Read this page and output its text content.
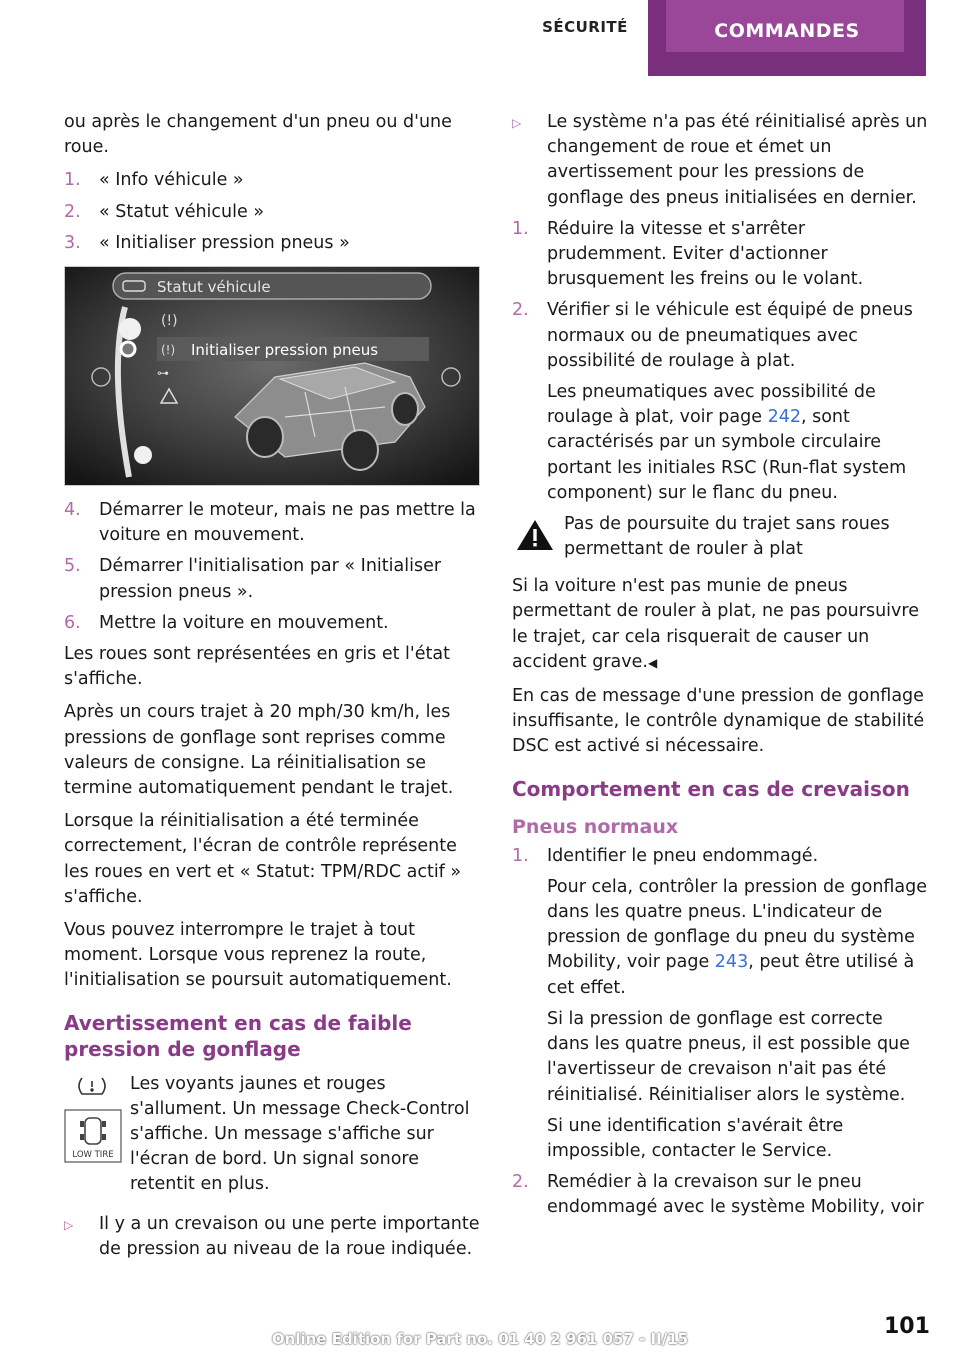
SÉCURITÉ	COMMANDES

ou après le changement d'un pneu ou d'une roue.

1.	« Info véhicule »
2.	« Statut véhicule »
3.	« Initialiser pression pneus »
Statut véhicule
Initialiser pression pneus
(!)
(!)
⊶
4.	Démarrer le moteur, mais ne pas mettre la voiture en mouvement.
5.	Démarrer l'initialisation par « Initialiser pression pneus ».
6.	Mettre la voiture en mouvement.

Les roues sont représentées en gris et l'état s'affiche.

Après un cours trajet à 20 mph/30 km/h, les pressions de gonflage sont reprises comme valeurs de consigne. La réinitialisation se termine automatiquement pendant le trajet.

Lorsque la réinitialisation a été terminée correctement, l'écran de contrôle représente les roues en vert et « Statut: TPM/RDC actif » s'affiche.

Vous pouvez interrompre le trajet à tout moment. Lorsque vous reprenez la route, l'initialisation se poursuit automatiquement.

Avertissement en cas de faible pression de gonflage
LOW TIRE
Les voyants jaunes et rouges s'allument. Un message Check-Control s'affiche. Un message s'affiche sur l'écran de bord. Un signal sonore retentit en plus.
▷	Il y a un crevaison ou une perte importante de pression au niveau de la roue indiquée.
▷	Le système n'a pas été réinitialisé après un changement de roue et émet un avertissement pour les pressions de gonflage des pneus initialisées en dernier.
1.	Réduire la vitesse et s'arrêter prudemment. Eviter d'actionner brusquement les freins ou le volant.
2.	Vérifier si le véhicule est équipé de pneus normaux ou de pneumatiques avec possibilité de roulage à plat.
Les pneumatiques avec possibilité de roulage à plat, voir page 242, sont caractérisés par un symbole circulaire portant les initiales RSC (Run-flat system component) sur le flanc du pneu.
Pas de poursuite du trajet sans roues permettant de rouler à plat

Si la voiture n'est pas munie de pneus permettant de rouler à plat, ne pas poursuivre le trajet, car cela risquerait de causer un accident grave.◀

En cas de message d'une pression de gonflage insuffisante, le contrôle dynamique de stabilité DSC est activé si nécessaire.

Comportement en cas de crevaison
Pneus normaux
1.	Identifier le pneu endommagé.
Pour cela, contrôler la pression de gonflage dans les quatre pneus. L'indicateur de pression de gonflage du pneu du système Mobility, voir page 243, peut être utilisé à cet effet.
Si la pression de gonflage est correcte dans les quatre pneus, il est possible que l'avertisseur de crevaison n'ait pas été réinitialisé. Réinitialiser alors le système.
Si une identification s'avérait être impossible, contacter le Service.
2.	Remédier à la crevaison sur le pneu endommagé avec le système Mobility, voir
101
Online Edition for Part no. 01 40 2 961 057 - II/15
